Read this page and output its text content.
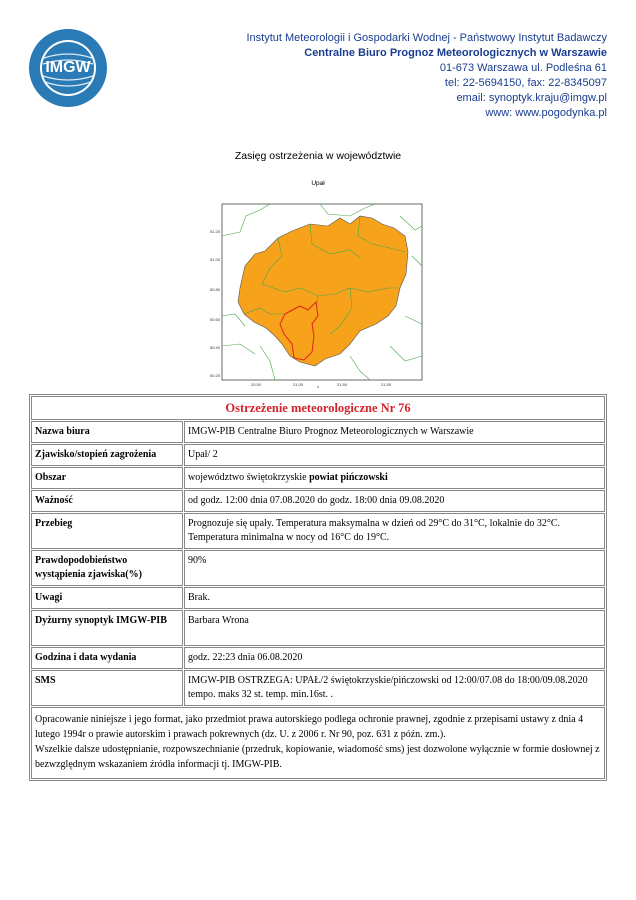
IMGW
Instytut Meteorologii i Gospodarki Wodnej - Państwowy Instytut Badawczy
Centralne Biuro Prognoz Meteorologicznych w Warszawie
01-673 Warszawa ul. Podleśna 61
tel: 22-5694150, fax: 22-8345097
email: synoptyk.kraju@imgw.pl
www: www.pogodynka.pl
Zasięg ostrzeżenia w województwie
Upał
51.20
51.00
50.80
50.60
50.40
50.20
20.50	21.00	21.50	21.50
x
Ostrzeżenie meteorologiczne Nr 76	
Nazwa biura	IMGW-PIB Centralne Biuro Prognoz Meteorologicznych w Warszawie
Zjawisko/stopień zagrożenia	Upał/ 2
Obszar	województwo świętokrzyskie powiat pińczowski
Ważność	od godz. 12:00 dnia 07.08.2020 do godz. 18:00 dnia 09.08.2020
Przebieg	Prognozuje się upały. Temperatura maksymalna w dzień od 29°C do 31°C, lokalnie do 32°C. Temperatura minimalna w nocy od 16°C do 19°C.
Prawdopodobieństwo wystąpienia zjawiska(%)	90%
Uwagi	Brak.
Dyżurny synoptyk IMGW-PIB	Barbara Wrona
Godzina i data wydania	godz. 22:23 dnia 06.08.2020
SMS	IMGW-PIB OSTRZEGA: UPAŁ/2 świętokrzyskie/pińczowski od 12:00/07.08 do 18:00/09.08.2020 tempo. maks 32 st. temp. min.16st. .

Opracowanie niniejsze i jego format, jako przedmiot prawa autorskiego podlega ochronie prawnej, zgodnie z przepisami ustawy z dnia 4 lutego 1994r o prawie autorskim i prawach pokrewnych (dz. U. z 2006 r. Nr 90, poz. 631 z późn. zm.).
Wszelkie dalsze udostępnianie, rozpowszechnianie (przedruk, kopiowanie, wiadomość sms) jest dozwolone wyłącznie w formie dosłownej z bezwzględnym wskazaniem źródła informacji tj. IMGW-PIB.	
